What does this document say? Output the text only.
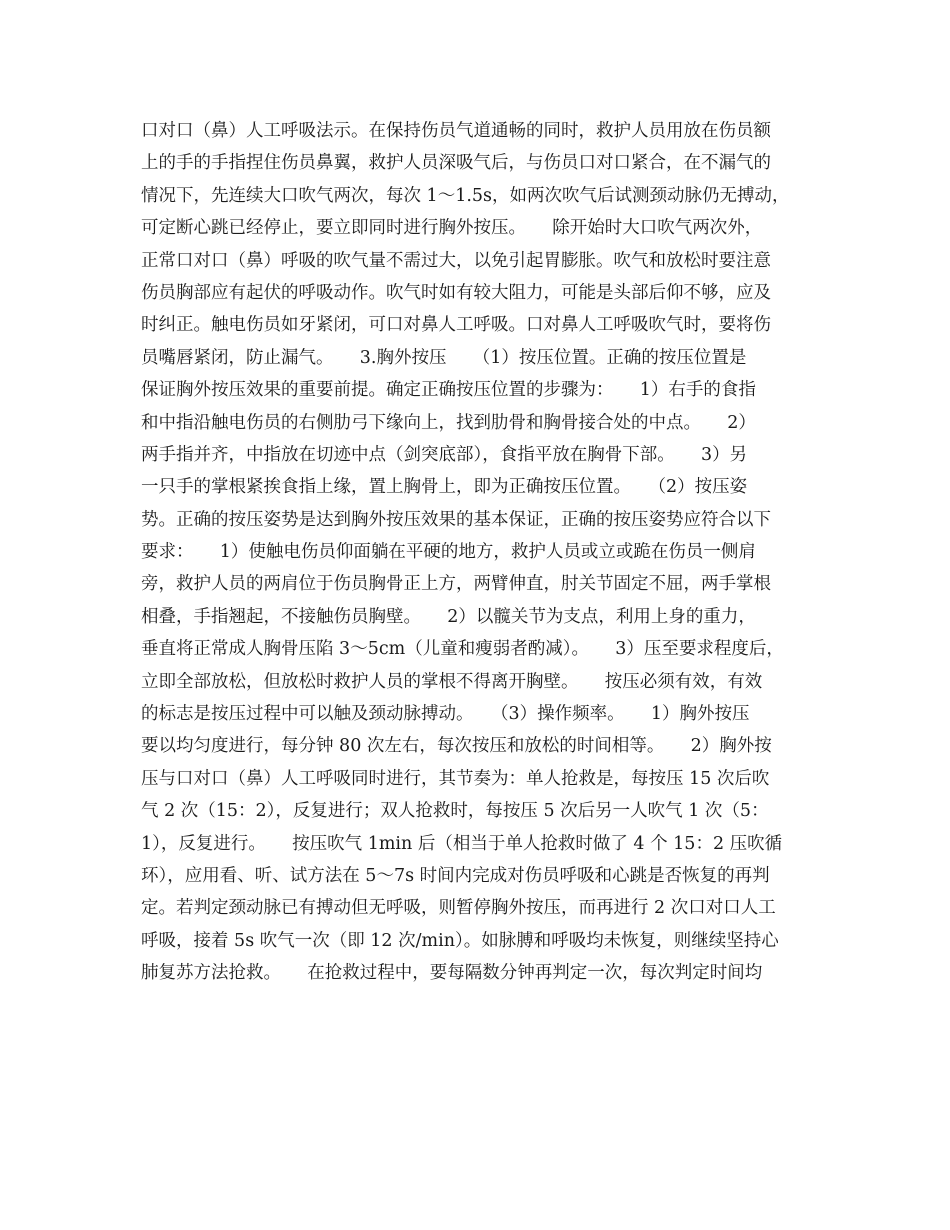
口对口（鼻）人工呼吸法示。在保持伤员气道通畅的同时，救护人员用放在伤员额
上的手的手指捏住伤员鼻翼，救护人员深吸气后，与伤员口对口紧合，在不漏气的
情况下，先连续大口吹气两次，每次 1～1.5s，如两次吹气后试测颈动脉仍无搏动，
可定断心跳已经停止，要立即同时进行胸外按压。　　除开始时大口吹气两次外，
正常口对口（鼻）呼吸的吹气量不需过大，以免引起胃膨胀。吹气和放松时要注意
伤员胸部应有起伏的呼吸动作。吹气时如有较大阻力，可能是头部后仰不够，应及
时纠正。触电伤员如牙紧闭，可口对鼻人工呼吸。口对鼻人工呼吸吹气时，要将伤
员嘴唇紧闭，防止漏气。　　3.胸外按压　　（1）按压位置。正确的按压位置是
保证胸外按压效果的重要前提。确定正确按压位置的步骤为：　　1）右手的食指
和中指沿触电伤员的右侧肋弓下缘向上，找到肋骨和胸骨接合处的中点。　　2）
两手指并齐，中指放在切迹中点（剑突底部），食指平放在胸骨下部。　　3）另
一只手的掌根紧挨食指上缘，置上胸骨上，即为正确按压位置。　　（2）按压姿
势。正确的按压姿势是达到胸外按压效果的基本保证，正确的按压姿势应符合以下
要求：　　1）使触电伤员仰面躺在平硬的地方，救护人员或立或跪在伤员一侧肩
旁，救护人员的两肩位于伤员胸骨正上方，两臂伸直，肘关节固定不屈，两手掌根
相叠，手指翘起，不接触伤员胸壁。　　2）以髋关节为支点，利用上身的重力，
垂直将正常成人胸骨压陷 3～5cm（儿童和瘦弱者酌减）。　　3）压至要求程度后，
立即全部放松，但放松时救护人员的掌根不得离开胸壁。　　按压必须有效，有效
的标志是按压过程中可以触及颈动脉搏动。　　（3）操作频率。　　1）胸外按压
要以均匀度进行，每分钟 80 次左右，每次按压和放松的时间相等。　　2）胸外按
压与口对口（鼻）人工呼吸同时进行，其节奏为：单人抢救是，每按压 15 次后吹
气 2 次（15：2），反复进行；双人抢救时，每按压 5 次后另一人吹气 1 次（5：
1），反复进行。　　按压吹气 1min 后（相当于单人抢救时做了 4 个 15：2 压吹循
环），应用看、听、试方法在 5～7s 时间内完成对伤员呼吸和心跳是否恢复的再判
定。若判定颈动脉已有搏动但无呼吸，则暂停胸外按压，而再进行 2 次口对口人工
呼吸，接着 5s 吹气一次（即 12 次/min）。如脉膊和呼吸均未恢复，则继续坚持心
肺复苏方法抢救。　　在抢救过程中，要每隔数分钟再判定一次，每次判定时间均
